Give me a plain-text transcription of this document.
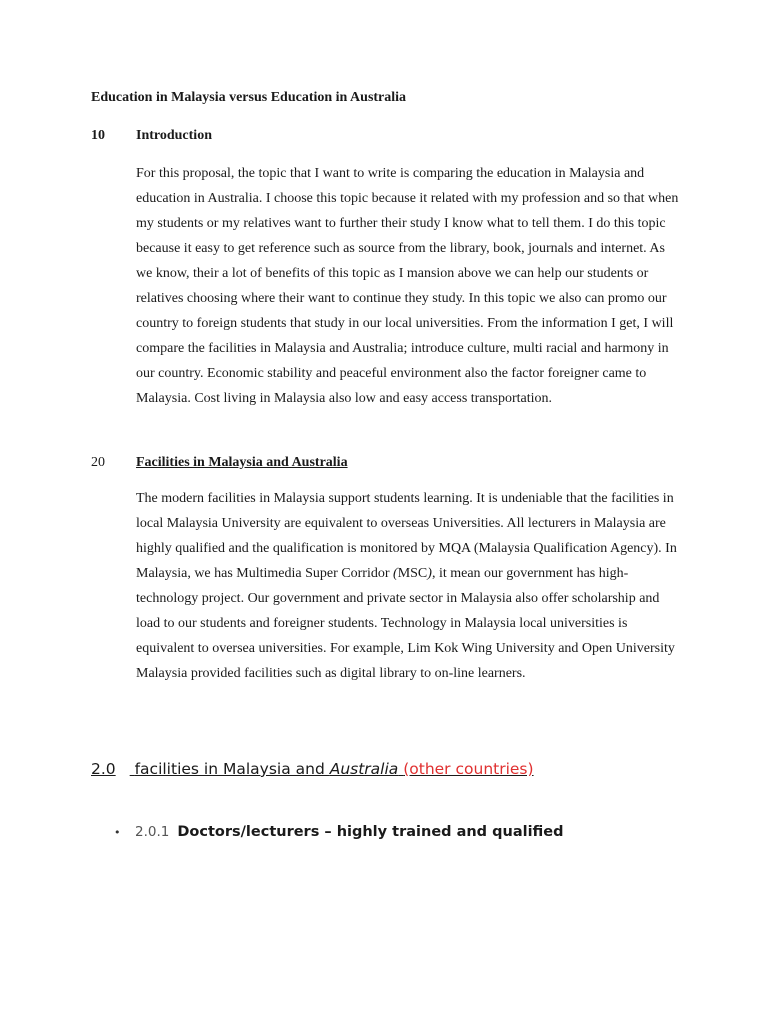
Education in Malaysia versus Education in Australia

10	Introduction

For this proposal, the topic that I want to write is comparing the education in Malaysia and education in Australia. I choose this topic because it related with my profession and so that when my students or my relatives want to further their study I know what to tell them. I do this topic because it easy to get reference such as source from the library, book, journals and internet. As we know, their a lot of benefits of this topic as I mansion above we can help our students or relatives choosing where their want to continue they study. In this topic we also can promo our country to foreign students that study in our local universities. From the information I get, I will compare the facilities in Malaysia and Australia; introduce culture, multi racial and harmony in our country. Economic stability and peaceful environment also the factor foreigner came to Malaysia. Cost living in Malaysia also low and easy access transportation.

20	Facilities in Malaysia and Australia

The modern facilities in Malaysia support students learning. It is undeniable that the facilities in local Malaysia University are equivalent to overseas Universities. All lecturers in Malaysia are highly qualified and the qualification is monitored by MQA (Malaysia Qualification Agency). In Malaysia, we has Multimedia Super Corridor (MSC), it mean our government has high-technology project. Our government and private sector in Malaysia also offer scholarship and load to our students and foreigner students. Technology in Malaysia local universities is equivalent to oversea universities. For example, Lim Kok Wing University and Open University Malaysia provided facilities such as digital library to on-line learners.

2.0 facilities in Malaysia and Australia (other countries)
•	2.0.1 Doctors/lecturers – highly trained and qualified
